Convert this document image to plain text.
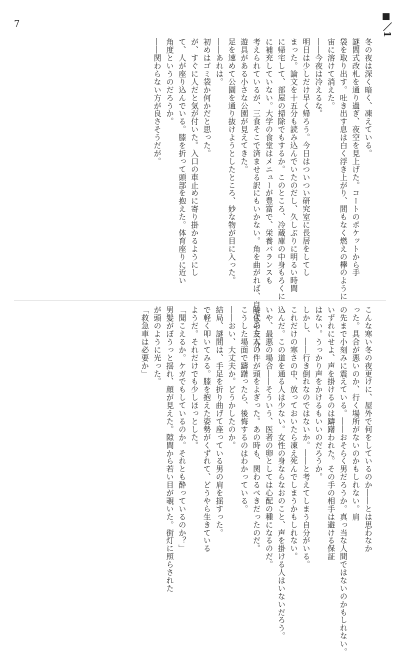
7	■／1
冬の夜は深く暗く、凍えている。
謎間式改札を通り過ぎ、夜空を見上げた。コートのポケットから手
袋を取り出す。吐き出す息は白く浮き上がり、間もなく燃えの欅のように
宙に溶けて消えた。
――今夜は冷えるな。
明日は少しだけ早く帰ろう。今日はついつい研究室に長居をしてし
まった。論文を十五分も読み込んでいたのだし、久しぶりに明るい時間
に帰宅して、部屋の掃除でもするか。このところ、冷蔵庫の中身もろくに
に補充していない。大学の食堂はメニューが豊富で、栄養バランスも
考えられているが、三食そこで済ませる訳にもいかない。角を曲がれば、自宅まで三分。
遊具がある小さな公園が見えてきた。
足を速めて公園を通り抜けようとしたところ、妙な物が目に入った。
――あれは。
初めはゴミ袋か何かだと思った。
が、すぐに人だと気が付いた。入口の車止めに寄り掛かるようにし
て、人が座り込んでいる。膝を折って頭部を抱えた。体育座りに近い
角度というのだろうか。
――関わらない方が良さそうだが。
こんな寒い冬の夜更けに、屋外で何をしているのか――とは思わなか
った。具合が悪いのか、行く場所がないのかもしれない。肩
の先まで小刻みに震えている。――おそらく男だろうか。真っ当な人間ではないのかもしれない。
いずれにせよ、声を掛けるのは躊躇われた。その手の相手は避ける保証
はない。うっかり声をかけるもいいのだろうか。
しかし、――行き倒れなのではないか。――と考えてしまう自分がいる。
これだけの寒さの中、放っておいたら凍え死んでしまうかもしれない。
込んだ。この道を通る人は少ない。女性の身ならなおのこと、声を掛ける人はいないだろう。
いや、最悪の場合――そういう、医者の卵としては心配の種になるのだ。
時代の友人の件が頭をよぎった。あの時も、関わるべきだったのだ。
こうした場面で躊躇ったら、後悔するのはわかっている。
――おい、大丈夫か。どうかしたのか。
結局、謎間は、手足を折り曲げて座っている男の肩を揺すった。
で軽く叩いてみる。膝を抱えた姿勢がくずれて、どうやら生きている
ようだ。それだけでも少しほっとした。
「聞こえるか。ケガでもしているのか。それとも酔っているのか？」
男髪がぼうっと揺れ、顔が見えた。隙間から若い目が覗いた。街灯に照らされた
が頭のように光った。
「救急車は必要か」
